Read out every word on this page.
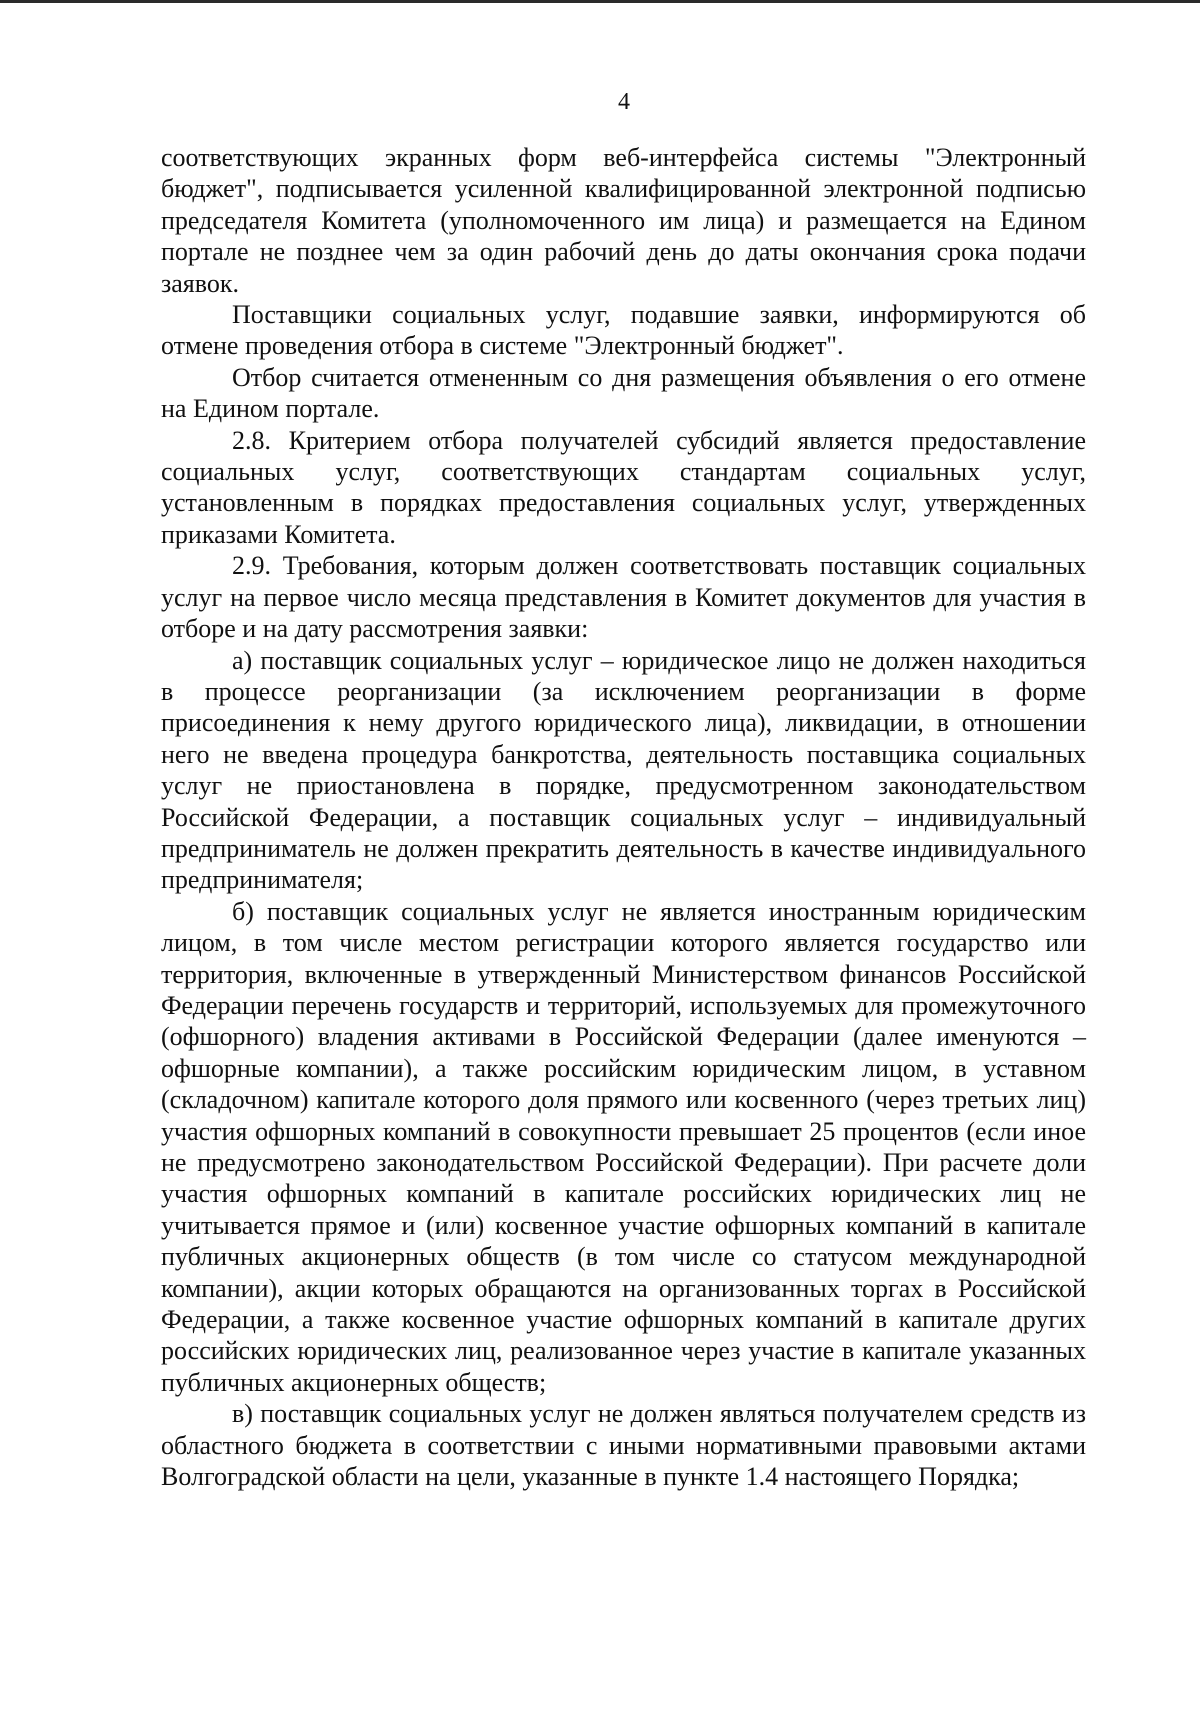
4

соответствующих экранных форм веб-интерфейса системы "Электронный бюджет", подписывается усиленной квалифицированной электронной подписью председателя Комитета (уполномоченного им лица) и размещается на Едином портале не позднее чем за один рабочий день до даты окончания срока подачи заявок.

Поставщики социальных услуг, подавшие заявки, информируются об отмене проведения отбора в системе "Электронный бюджет".

Отбор считается отмененным со дня размещения объявления о его отмене на Едином портале.

2.8. Критерием отбора получателей субсидий является предоставление социальных услуг, соответствующих стандартам социальных услуг, установленным в порядках предоставления социальных услуг, утвержденных приказами Комитета.

2.9. Требования, которым должен соответствовать поставщик социальных услуг на первое число месяца представления в Комитет документов для участия в отборе и на дату рассмотрения заявки:

а) поставщик социальных услуг – юридическое лицо не должен находиться в процессе реорганизации (за исключением реорганизации в форме присоединения к нему другого юридического лица), ликвидации, в отношении него не введена процедура банкротства, деятельность поставщика социальных услуг не приостановлена в порядке, предусмотренном законодательством Российской Федерации, а поставщик социальных услуг – индивидуальный предприниматель не должен прекратить деятельность в качестве индивидуального предпринимателя;

б) поставщик социальных услуг не является иностранным юридическим лицом, в том числе местом регистрации которого является государство или территория, включенные в утвержденный Министерством финансов Российской Федерации перечень государств и территорий, используемых для промежуточного (офшорного) владения активами в Российской Федерации (далее именуются – офшорные компании), а также российским юридическим лицом, в уставном (складочном) капитале которого доля прямого или косвенного (через третьих лиц) участия офшорных компаний в совокупности превышает 25 процентов (если иное не предусмотрено законодательством Российской Федерации). При расчете доли участия офшорных компаний в капитале российских юридических лиц не учитывается прямое и (или) косвенное участие офшорных компаний в капитале публичных акционерных обществ (в том числе со статусом международной компании), акции которых обращаются на организованных торгах в Российской Федерации, а также косвенное участие офшорных компаний в капитале других российских юридических лиц, реализованное через участие в капитале указанных публичных акционерных обществ;

в) поставщик социальных услуг не должен являться получателем средств из областного бюджета в соответствии с иными нормативными правовыми актами Волгоградской области на цели, указанные в пункте 1.4 настоящего Порядка;
